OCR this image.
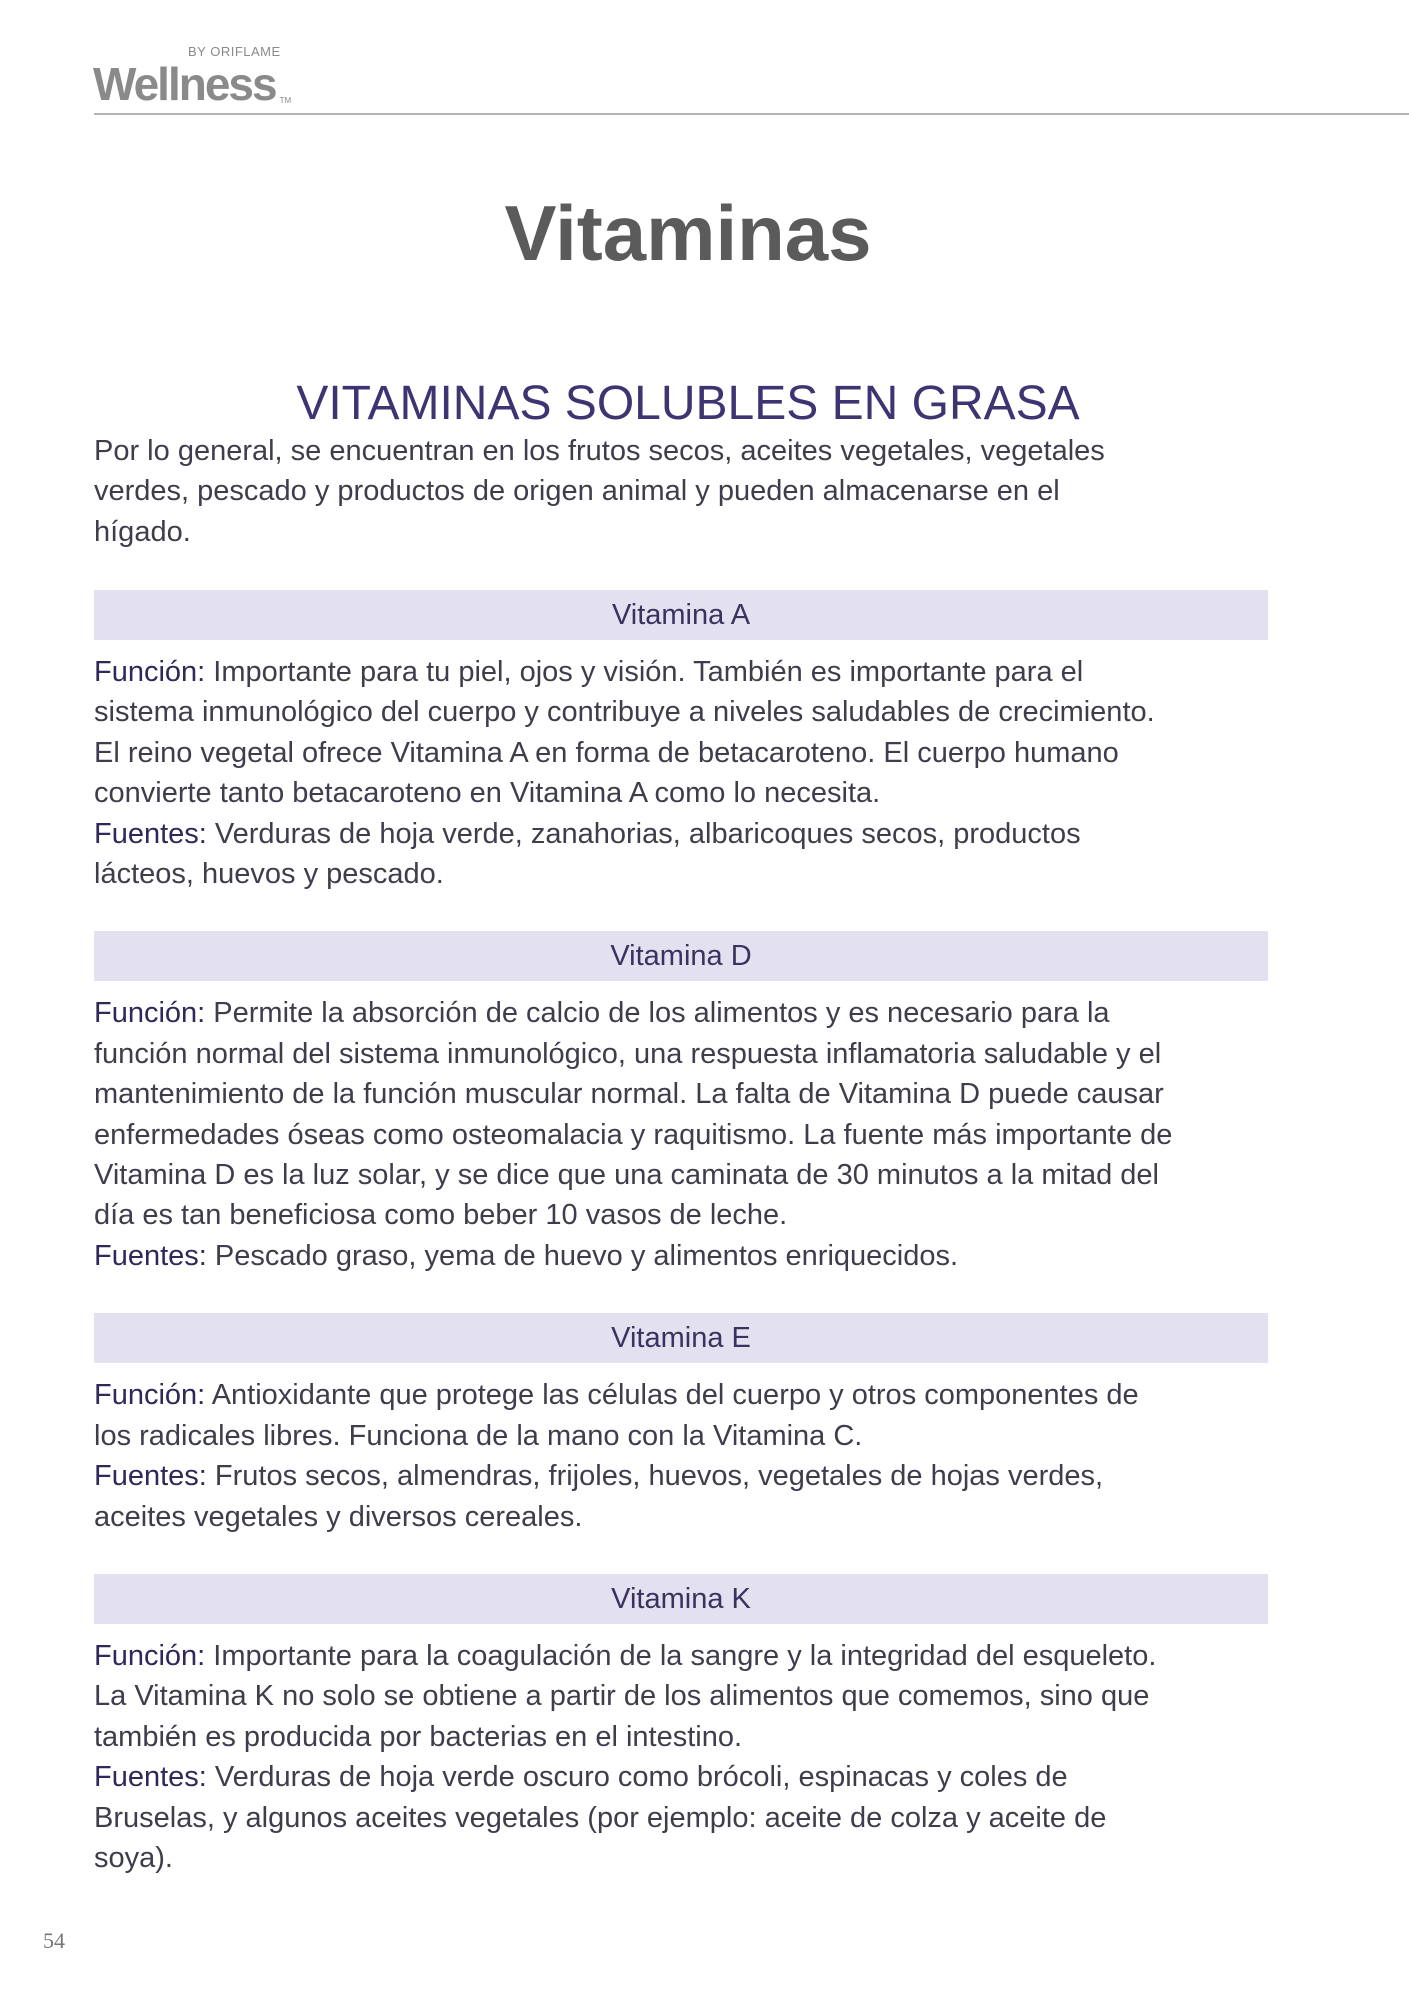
BY ORIFLAME
Wellness TM
Vitaminas
VITAMINAS SOLUBLES EN GRASA
Por lo general, se encuentran en los frutos secos, aceites vegetales, vegetales
verdes, pescado y productos de origen animal y pueden almacenarse en el
hígado.
Vitamina A
Función: Importante para tu piel, ojos y visión. También es importante para el
sistema inmunológico del cuerpo y contribuye a niveles saludables de crecimiento.
El reino vegetal ofrece Vitamina A en forma de betacaroteno. El cuerpo humano
convierte tanto betacaroteno en Vitamina A como lo necesita.
Fuentes: Verduras de hoja verde, zanahorias, albaricoques secos, productos
lácteos, huevos y pescado.
Vitamina D
Función: Permite la absorción de calcio de los alimentos y es necesario para la
función normal del sistema inmunológico, una respuesta inflamatoria saludable y el
mantenimiento de la función muscular normal. La falta de Vitamina D puede causar
enfermedades óseas como osteomalacia y raquitismo. La fuente más importante de
Vitamina D es la luz solar, y se dice que una caminata de 30 minutos a la mitad del
día es tan beneficiosa como beber 10 vasos de leche.
Fuentes: Pescado graso, yema de huevo y alimentos enriquecidos.
Vitamina E
Función: Antioxidante que protege las células del cuerpo y otros componentes de
los radicales libres. Funciona de la mano con la Vitamina C.
Fuentes: Frutos secos, almendras, frijoles, huevos, vegetales de hojas verdes,
aceites vegetales y diversos cereales.
Vitamina K
Función: Importante para la coagulación de la sangre y la integridad del esqueleto.
La Vitamina K no solo se obtiene a partir de los alimentos que comemos, sino que
también es producida por bacterias en el intestino.
Fuentes: Verduras de hoja verde oscuro como brócoli, espinacas y coles de
Bruselas, y algunos aceites vegetales (por ejemplo: aceite de colza y aceite de
soya).
54
